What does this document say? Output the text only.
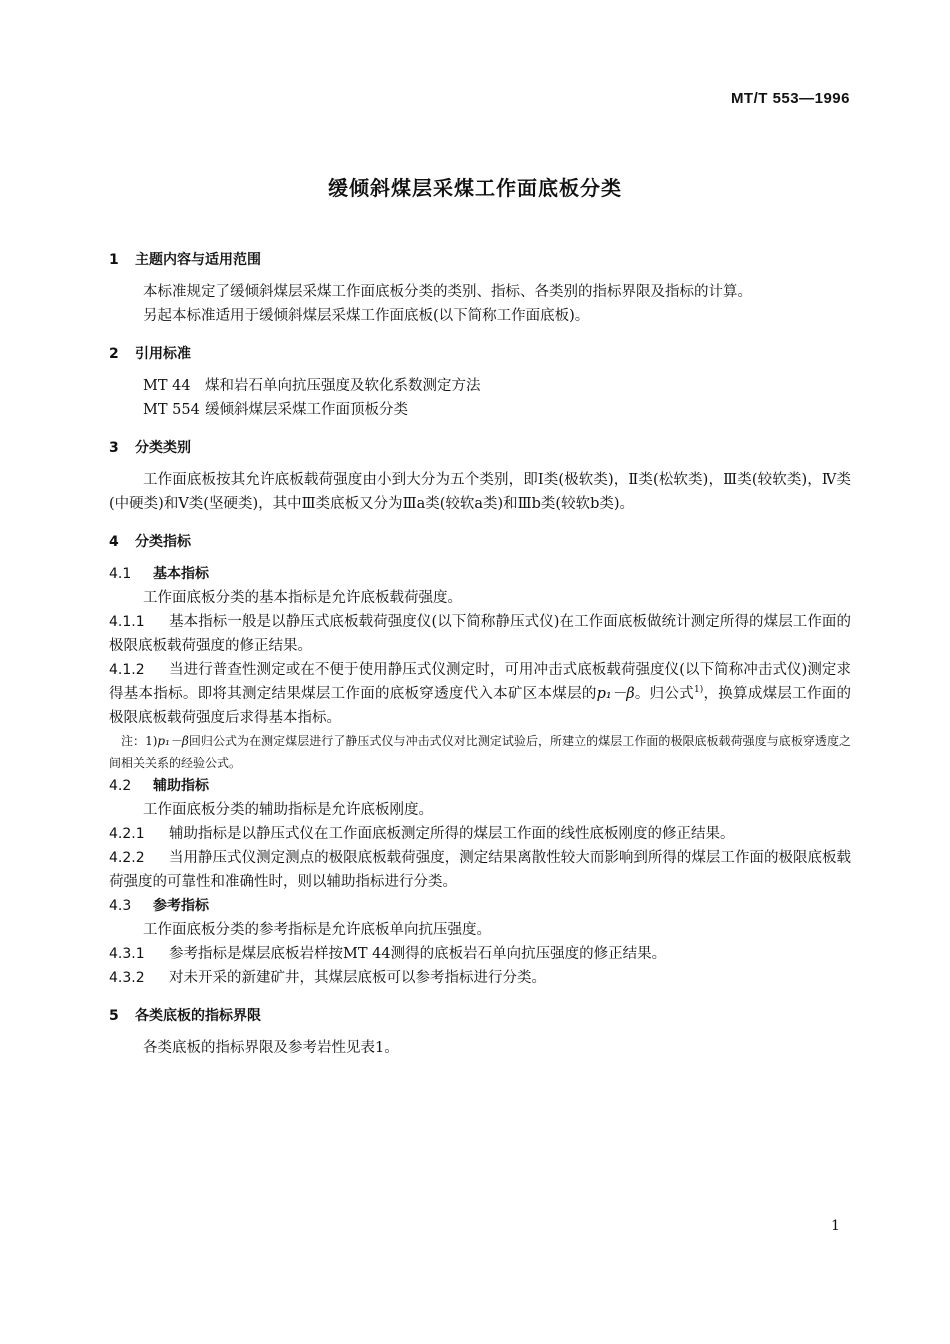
MT/T 553—1996
缓倾斜煤层采煤工作面底板分类
1 主题内容与适用范围

本标准规定了缓倾斜煤层采煤工作面底板分类的类别、指标、各类别的指标界限及指标的计算。

另起本标准适用于缓倾斜煤层采煤工作面底板(以下简称工作面底板)。

2 引用标准
MT 44 煤和岩石单向抗压强度及软化系数测定方法
MT 554 缓倾斜煤层采煤工作面顶板分类
3 分类类别

工作面底板按其允许底板载荷强度由小到大分为五个类别，即Ⅰ类(极软类)，Ⅱ类(松软类)，Ⅲ类(较软类)，Ⅳ类(中硬类)和Ⅴ类(坚硬类)，其中Ⅲ类底板又分为Ⅲa类(较软a类)和Ⅲb类(较软b类)。

4 分类指标
4.1 基本指标

工作面底板分类的基本指标是允许底板载荷强度。

4.1.1 基本指标一般是以静压式底板载荷强度仪(以下简称静压式仪)在工作面底板做统计测定所得的煤层工作面的极限底板载荷强度的修正结果。

4.1.2 当进行普查性测定或在不便于使用静压式仪测定时，可用冲击式底板载荷强度仪(以下简称冲击式仪)测定求得基本指标。即将其测定结果煤层工作面的底板穿透度代入本矿区本煤层的p₁－β。归公式$^{1)}$，换算成煤层工作面的极限底板载荷强度后求得基本指标。

注：1)p₁－β回归公式为在测定煤层进行了静压式仪与冲击式仪对比测定试验后，所建立的煤层工作面的极限底板载荷强度与底板穿透度之间相关关系的经验公式。

4.2 辅助指标

工作面底板分类的辅助指标是允许底板刚度。

4.2.1 辅助指标是以静压式仪在工作面底板测定所得的煤层工作面的线性底板刚度的修正结果。

4.2.2 当用静压式仪测定测点的极限底板载荷强度，测定结果离散性较大而影响到所得的煤层工作面的极限底板载荷强度的可靠性和准确性时，则以辅助指标进行分类。

4.3 参考指标

工作面底板分类的参考指标是允许底板单向抗压强度。

4.3.1 参考指标是煤层底板岩样按MT 44测得的底板岩石单向抗压强度的修正结果。

4.3.2 对未开采的新建矿井，其煤层底板可以参考指标进行分类。

5 各类底板的指标界限

各类底板的指标界限及参考岩性见表1。

1
